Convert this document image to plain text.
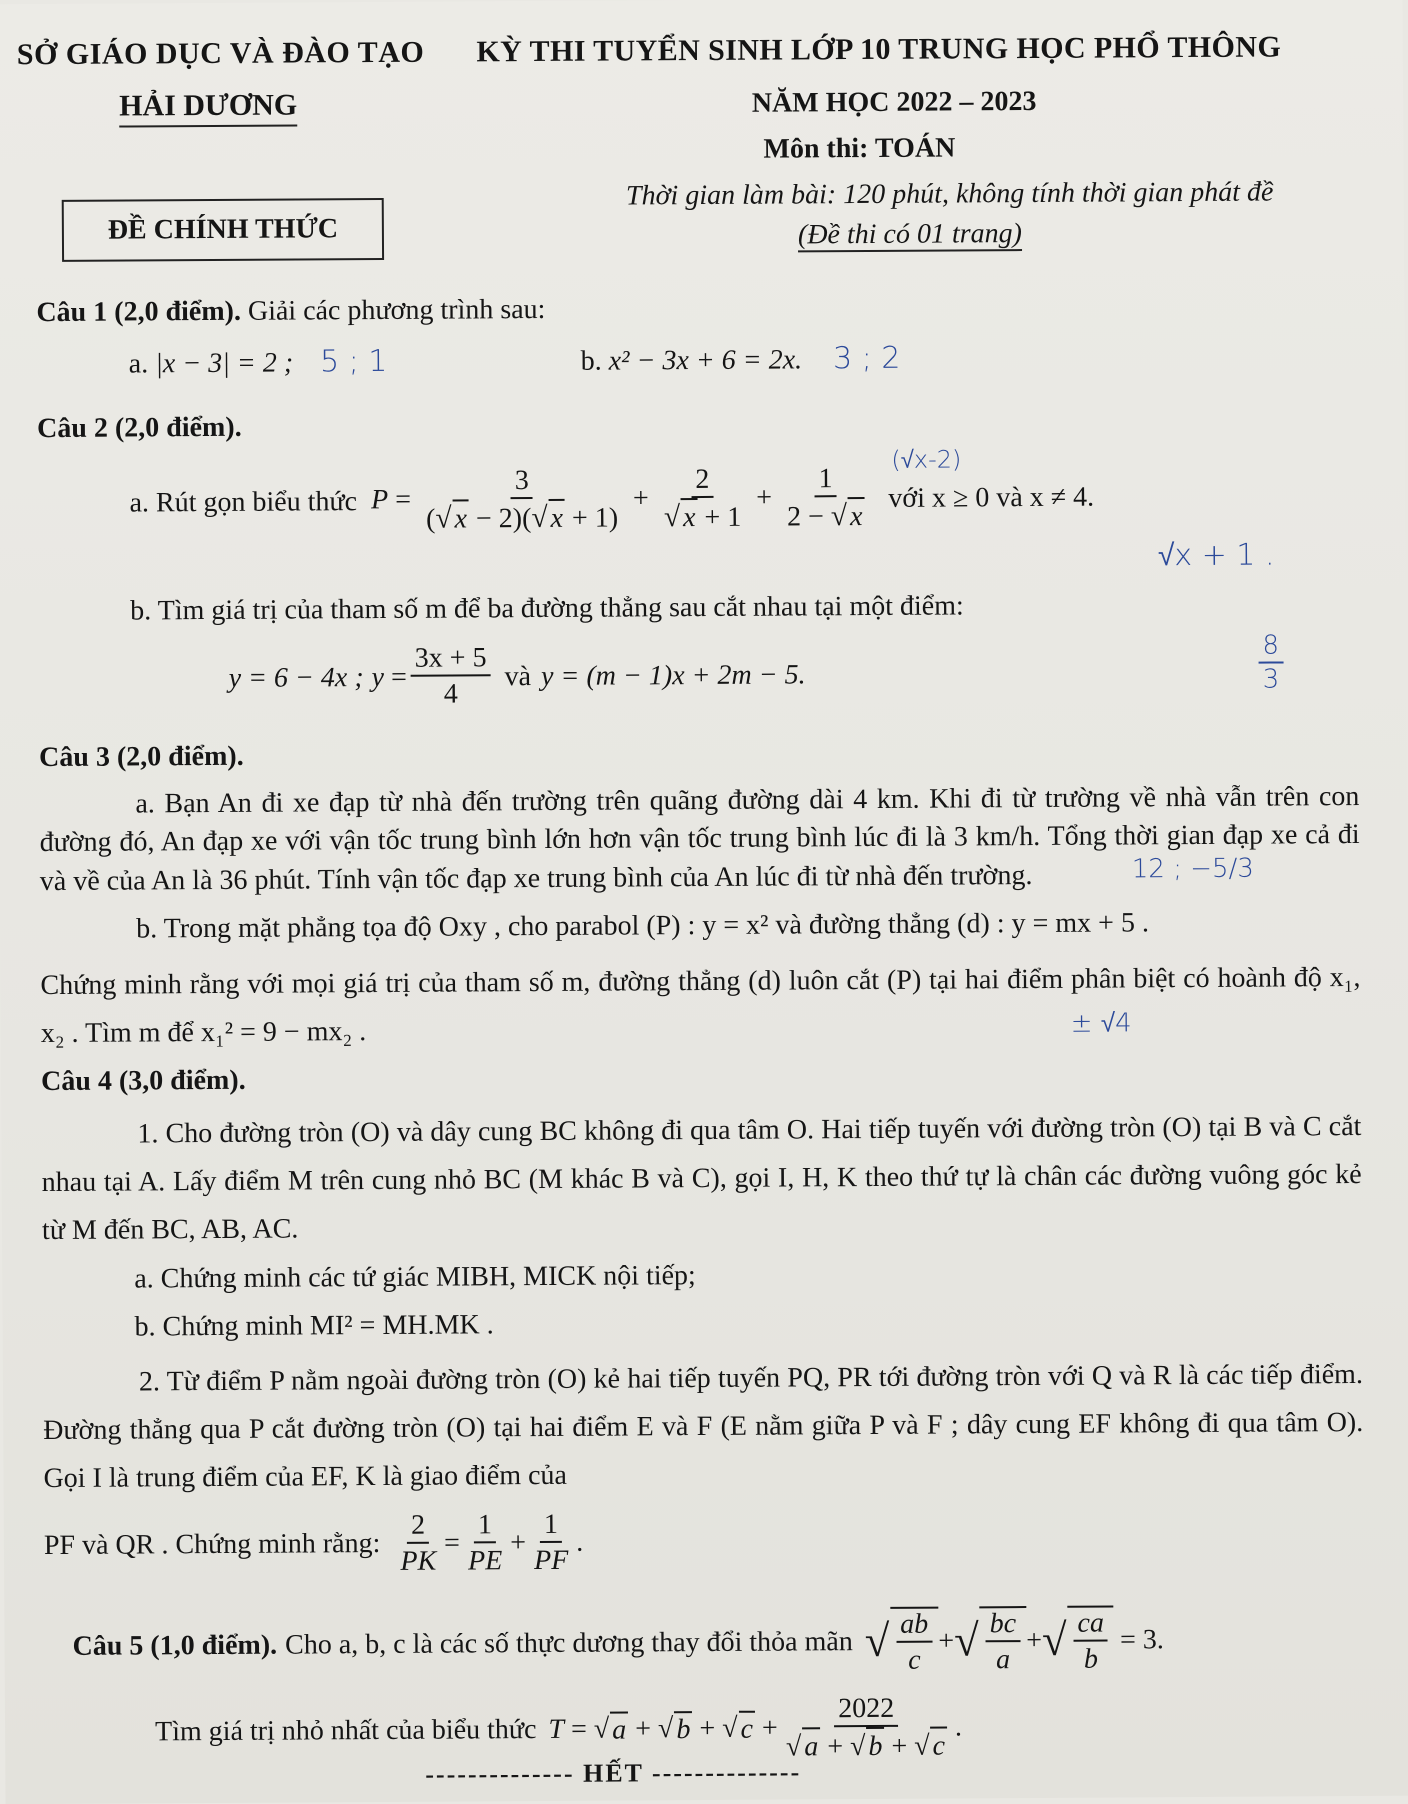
SỞ GIÁO DỤC VÀ ĐÀO TẠO
HẢI DƯƠNG
KỲ THI TUYỂN SINH LỚP 10 TRUNG HỌC PHỔ THÔNG
NĂM HỌC 2022 – 2023
Môn thi: TOÁN
Thời gian làm bài: 120 phút, không tính thời gian phát đề
(Đề thi có 01 trang)
ĐỀ CHÍNH THỨC
Câu 1 (2,0 điểm). Giải các phương trình sau:
a. |x − 3| = 2 ; 5 ; 1	b. x² − 3x + 6 = 2x. 3 ; 2
Câu 2 (2,0 điểm).
a. Rút gọn biểu thức $P = \frac{3}{(√ x - 2)(√ x + 1)} + \frac{2}{√ x + 1} + \frac{1}{2 - √ x}$ với x ≥ 0 và x ≠ 4.
(√x-2)
√x + 1 .
b. Tìm giá trị của tham số m để ba đường thẳng sau cắt nhau tại một điểm:
y = 6 − 4x ; $y = \frac{3x + 5}{4}$ và y = (m − 1)x + 2m − 5.	$\frac{8}{3}$
Câu 3 (2,0 điểm).
a. Bạn An đi xe đạp từ nhà đến trường trên quãng đường dài 4 km. Khi đi từ trường về nhà vẫn trên con đường đó, An đạp xe với vận tốc trung bình lớn hơn vận tốc trung bình lúc đi là 3 km/h. Tổng thời gian đạp xe cả đi và về của An là 36 phút. Tính vận tốc đạp xe trung bình của An lúc đi từ nhà đến trường.	12 ; −5/3
b. Trong mặt phẳng tọa độ Oxy , cho parabol (P) : y = x² và đường thẳng (d) : y = mx + 5 .
Chứng minh rằng với mọi giá trị của tham số m, đường thẳng (d) luôn cắt (P) tại hai điểm phân biệt có hoành độ x₁, x₂ . Tìm m để x₁² = 9 − mx₂ .	± √4
Câu 4 (3,0 điểm).
1. Cho đường tròn (O) và dây cung BC không đi qua tâm O. Hai tiếp tuyến với đường tròn (O) tại B và C cắt nhau tại A. Lấy điểm M trên cung nhỏ BC (M khác B và C), gọi I, H, K theo thứ tự là chân các đường vuông góc kẻ từ M đến BC, AB, AC.
a. Chứng minh các tứ giác MIBH, MICK nội tiếp;
b. Chứng minh MI² = MH.MK .
2. Từ điểm P nằm ngoài đường tròn (O) kẻ hai tiếp tuyến PQ, PR tới đường tròn với Q và R là các tiếp điểm. Đường thẳng qua P cắt đường tròn (O) tại hai điểm E và F (E nằm giữa P và F ; dây cung EF không đi qua tâm O). Gọi I là trung điểm của EF, K là giao điểm của
PF và QR . Chứng minh rằng: $\frac{2}{PK} = \frac{1}{PE} + \frac{1}{PF}$ .
Câu 5 (1,0 điểm). Cho a, b, c là các số thực dương thay đổi thỏa mãn √ $\frac{ab}{c}$ + √ $\frac{bc}{a}$ + √ $\frac{ca}{b} = 3$.
Tìm giá trị nhỏ nhất của biểu thức T = √ a + √ b + √ $c + \frac{2022}{√ a + √ b + √ c}$ .
-------------- HẾT --------------
